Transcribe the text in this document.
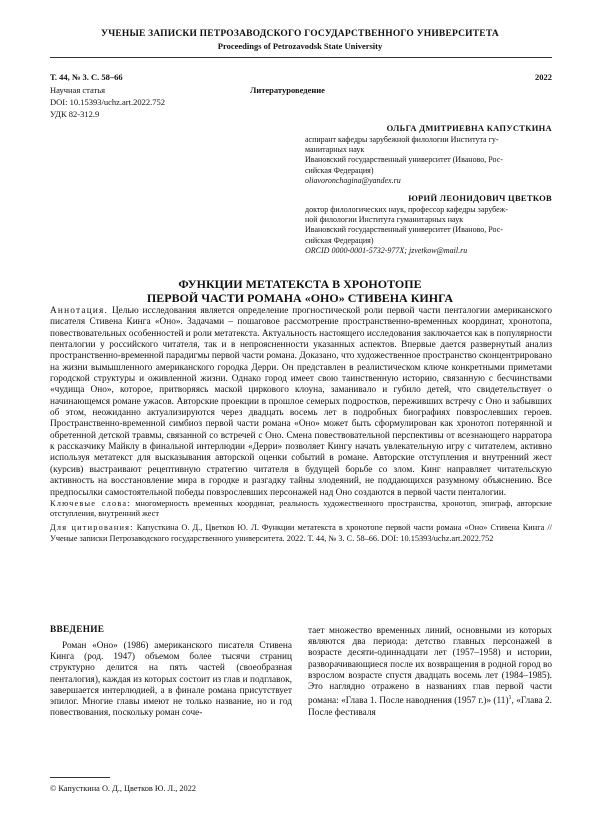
УЧЕНЫЕ ЗАПИСКИ ПЕТРОЗАВОДСКОГО ГОСУДАРСТВЕННОГО УНИВЕРСИТЕТА
Proceedings of Petrozavodsk State University
Т. 44, № 3. С. 58–66	2022
Научная статья	Литературоведение
DOI: 10.15393/uchz.art.2022.752
УДК 82-312.9
ОЛЬГА ДМИТРИЕВНА КАПУСТКИНА
аспирант кафедры зарубежной филологии Института гу-
манитарных наук
Ивановский государственный университет (Иваново, Рос-
сийская Федерация)
oliavoronchagina@yandex.ru
ЮРИЙ ЛЕОНИДОВИЧ ЦВЕТКОВ
доктор филологических наук, профессор кафедры зарубеж-
ной филологии Института гуманитарных наук
Ивановский государственный университет (Иваново, Рос-
сийская Федерация)
ORCID 0000-0001-5732-977X; jzvetkow@mail.ru
ФУНКЦИИ МЕТАТЕКСТА В ХРОНОТОПЕ
ПЕРВОЙ ЧАСТИ РОМАНА «ОНО» СТИВЕНА КИНГА

Аннотация. Целью исследования является определение прогностической роли первой части пенталогии американского писателя Стивена Кинга «Оно». Задачами – пошаговое рассмотрение пространственно-временных координат, хронотопа, повествовательных особенностей и роли метатекста. Актуальность настоящего исследования заключается как в популярности пенталогии у российского читателя, так и в непроясненности указанных аспектов. Впервые дается развернутый анализ пространственно-временной парадигмы первой части романа. Доказано, что художественное пространство сконцентрировано на жизни вымышленного американского городка Дерри. Он представлен в реалистическом ключе конкретными приметами городской структуры и оживленной жизни. Однако город имеет свою таинственную историю, связанную с бесчинствами «чудища Оно», которое, притворяясь маской циркового клоуна, заманивало и губило детей, что свидетельствует о начинающемся романе ужасов. Авторские проекции в прошлое семерых подростков, переживших встречу с Оно и забывших об этом, неожиданно актуализируются через двадцать восемь лет в подробных биографиях повзрослевших героев. Пространственно-временной симбиоз первой части романа «Оно» может быть сформулирован как хронотоп потерянной и обретенной детской травмы, связанной со встречей с Оно. Смена повествовательной перспективы от всезнающего нарратора к рассказчику Майклу в финальной интерлюдии «Дерри» позволяет Кингу начать увлекательную игру с читателем, активно используя метатекст для высказывания авторской оценки событий в романе. Авторские отступления и внутренний жест (курсив) выстраивают рецептивную стратегию читателя в будущей борьбе со злом. Кинг направляет читательскую активность на восстановление мира в городке и разгадку тайны злодеяний, не поддающихся разумному объяснению. Все предпосылки самостоятельной победы повзрослевших персонажей над Оно создаются в первой части пенталогии.

Ключевые слова: многомерность временных координат, реальность художественного пространства, хронотоп, эпиграф, авторские отступления, внутренний жест

Для цитирования: Капусткина О. Д., Цветков Ю. Л. Функции метатекста в хронотопе первой части романа «Оно» Стивена Кинга // Ученые записки Петрозаводского государственного университета. 2022. Т. 44, № 3. С. 58–66. DOI: 10.15393/uchz.art.2022.752

ВВЕДЕНИЕ

Роман «Оно» (1986) американского писателя Стивена Кинга (род. 1947) объемом более тысячи страниц структурно делится на пять частей (своеобразная пенталогия), каждая из которых состоит из глав и подглавок, завершается интерлюдией, а в финале романа присутствует эпилог. Многие главы имеют не только название, но и год повествования, поскольку роман соче-

тает множество временных линий, основными из которых являются два периода: детство главных персонажей в возрасте десяти-одиннадцати лет (1957–1958) и истории, разворачивающиеся после их возвращения в родной город во взрослом возрасте спустя двадцать восемь лет (1984–1985). Это наглядно отражено в названиях глав первой части романа: «Глава 1. После наводнения (1957 г.)» $(11)^1$, «Глава 2. После фестиваля

© Капусткина О. Д., Цветков Ю. Л., 2022
